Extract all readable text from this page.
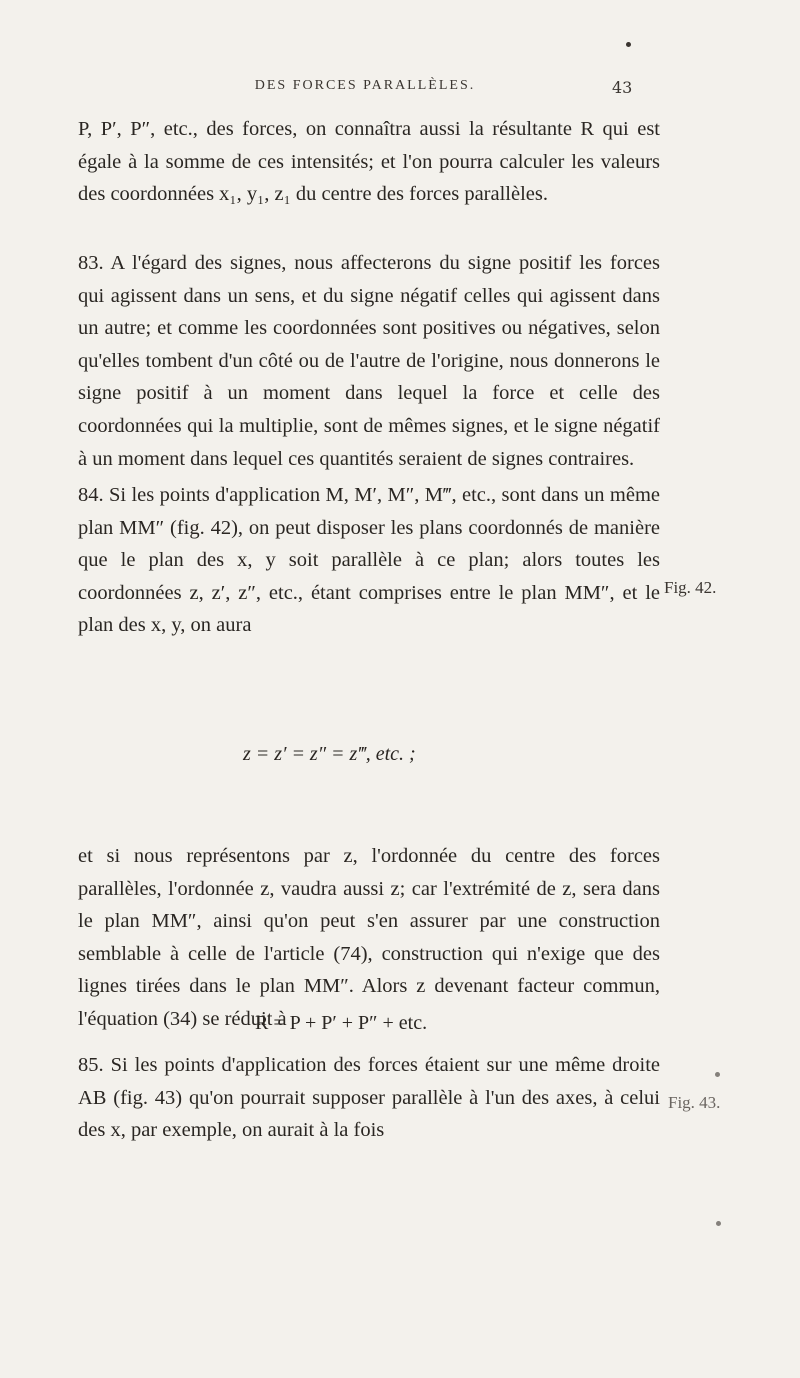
DES FORCES PARALLÈLES.	43

P, P′, P″, etc., des forces, on connaîtra aussi la résultante R qui est égale à la somme de ces intensités; et l'on pourra calculer les valeurs des coordonnées x₁, y₁, z₁ du centre des forces parallèles.

83. A l'égard des signes, nous affecterons du signe positif les forces qui agissent dans un sens, et du signe négatif celles qui agissent dans un autre; et comme les coordonnées sont positives ou négatives, selon qu'elles tombent d'un côté ou de l'autre de l'origine, nous donnerons le signe positif à un moment dans lequel la force et celle des coordonnées qui la multiplie, sont de mêmes signes, et le signe négatif à un moment dans lequel ces quantités seraient de signes contraires.

84. Si les points d'application M, M′, M″, M‴, etc., sont dans un même plan MM″ (fig. 42), on peut disposer les plans coordonnés de manière que le plan des x, y soit parallèle à ce plan; alors toutes les coordonnées z, z′, z″, etc., étant comprises entre le plan MM″, et le plan des x, y, on aura

z = z′ = z″ = z‴, etc. ;

et si nous représentons par z, l'ordonnée du centre des forces parallèles, l'ordonnée z, vaudra aussi z; car l'extrémité de z, sera dans le plan MM″, ainsi qu'on peut s'en assurer par une construction semblable à celle de l'article (74), construction qui n'exige que des lignes tirées dans le plan MM″. Alors z devenant facteur commun, l'équation (34) se réduit à

R = P + P′ + P″ + etc.

85. Si les points d'application des forces étaient sur une même droite AB (fig. 43) qu'on pourrait supposer parallèle à l'un des axes, à celui des x, par exemple, on aurait à la fois

Fig. 42.
Fig. 43.
